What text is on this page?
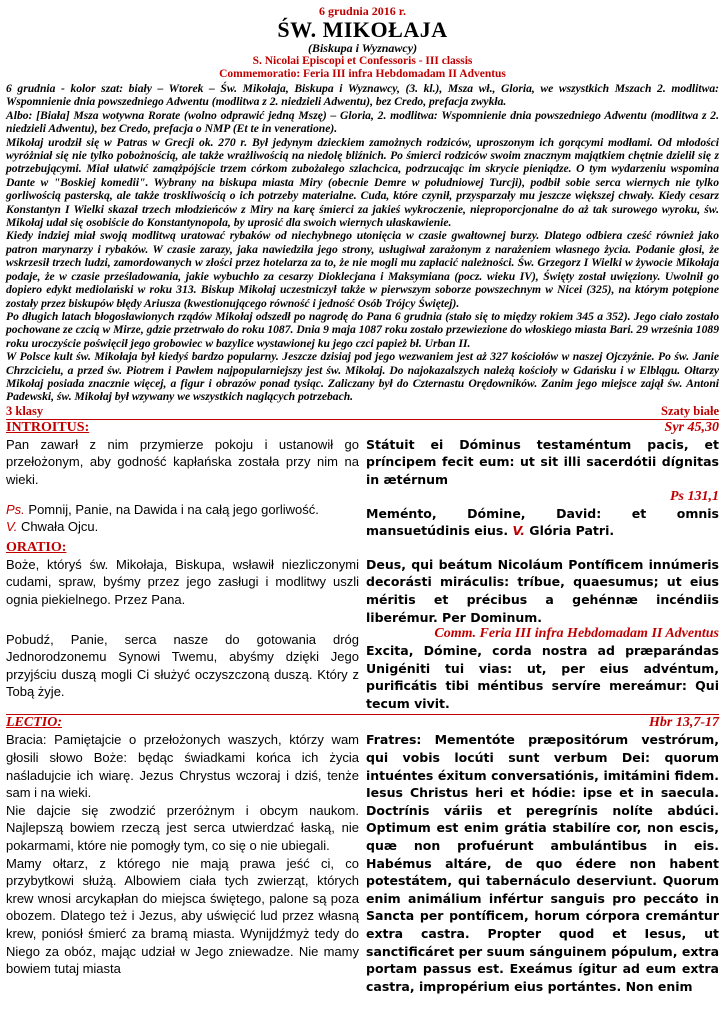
6 grudnia 2016 r.
ŚW. MIKOŁAJA
(Biskupa i Wyznawcy)
S. Nicolai Episcopi et Confessoris - III classis
Commemoratio: Feria III infra Hebdomadam II Adventus

6 grudnia - kolor szat: biały – Wtorek – Św. Mikołaja, Biskupa i Wyznawcy, (3. kl.), Msza wł., Gloria, we wszystkich Mszach 2. modlitwa: Wspomnienie dnia powszedniego Adwentu (modlitwa z 2. niedzieli Adwentu), bez Credo, prefacja zwykła.

Albo: [Biała] Msza wotywna Rorate (wolno odprawić jedną Mszę) – Gloria, 2. modlitwa: Wspomnienie dnia powszedniego Adwentu (modlitwa z 2. niedzieli Adwentu), bez Credo, prefacja o NMP (Et te in veneratione).

Mikołaj urodził się w Patras w Grecji ok. 270 r. Był jedynym dzieckiem zamożnych rodziców, uproszonym ich gorącymi modłami. Od młodości wyróżniał się nie tylko pobożnością, ale także wrażliwością na niedolę bliźnich. Po śmierci rodziców swoim znacznym majątkiem chętnie dzielił się z potrzebującymi. Miał ułatwić zamążpójście trzem córkom zubożałego szlachcica, podrzucając im skrycie pieniądze. O tym wydarzeniu wspomina Dante w "Boskiej komedii". Wybrany na biskupa miasta Miry (obecnie Demre w południowej Turcji), podbił sobie serca wiernych nie tylko gorliwością pasterską, ale także troskliwością o ich potrzeby materialne. Cuda, które czynił, przysparzały mu jeszcze większej chwały. Kiedy cesarz Konstantyn I Wielki skazał trzech młodzieńców z Miry na karę śmierci za jakieś wykroczenie, nieproporcjonalne do aż tak surowego wyroku, św. Mikołaj udał się osobiście do Konstantynopola, by uprosić dla swoich wiernych ułaskawienie.

Kiedy indziej miał swoją modlitwą uratować rybaków od niechybnego utonięcia w czasie gwałtownej burzy. Dlatego odbiera cześć również jako patron marynarzy i rybaków. W czasie zarazy, jaka nawiedziła jego strony, usługiwał zarażonym z narażeniem własnego życia. Podanie głosi, że wskrzesił trzech ludzi, zamordowanych w złości przez hotelarza za to, że nie mogli mu zapłacić należności. Św. Grzegorz I Wielki w żywocie Mikołaja podaje, że w czasie prześladowania, jakie wybuchło za cesarzy Dioklecjana i Maksymiana (pocz. wieku IV), Święty został uwięziony. Uwolnił go dopiero edykt mediolański w roku 313. Biskup Mikołaj uczestniczył także w pierwszym soborze powszechnym w Nicei (325), na którym potępione zostały przez biskupów błędy Ariusza (kwestionującego równość i jedność Osób Trójcy Świętej).

Po długich latach błogosławionych rządów Mikołaj odszedł po nagrodę do Pana 6 grudnia (stało się to między rokiem 345 a 352). Jego ciało zostało pochowane ze czcią w Mirze, gdzie przetrwało do roku 1087. Dnia 9 maja 1087 roku zostało przewiezione do włoskiego miasta Bari. 29 września 1089 roku uroczyście poświęcił jego grobowiec w bazylice wystawionej ku jego czci papież bł. Urban II.

W Polsce kult św. Mikołaja był kiedyś bardzo popularny. Jeszcze dzisiaj pod jego wezwaniem jest aż 327 kościołów w naszej Ojczyźnie. Po św. Janie Chrzcicielu, a przed św. Piotrem i Pawłem najpopularniejszy jest św. Mikołaj. Do najokazalszych należą kościoły w Gdańsku i w Elblągu. Ołtarzy Mikołaj posiada znacznie więcej, a figur i obrazów ponad tysiąc. Zaliczany był do Czternastu Orędowników. Zanim jego miejsce zajął św. Antoni Padewski, św. Mikołaj był wzywany we wszystkich naglących potrzebach.

3 klasy	Szaty białe
INTROITUS:

Pan zawarł z nim przymierze pokoju i ustanowił go przełożonym, aby godność kapłańska została przy nim na wieki.

Ps. Pomnij, Panie, na Dawida i na całą jego gorliwość.

V. Chwała Ojcu.

Syr 45,30

Státuit ei Dóminus testaméntum pacis, et príncipem fecit eum: ut sit illi sacerdótii dígnitas in ætérnum

Ps 131,1

Meménto, Dómine, David: et omnis mansuetúdinis eius. V. Glória Patri.

ORATIO:

Boże, któryś św. Mikołaja, Biskupa, wsławił niezliczonymi cudami, spraw, byśmy przez jego zasługi i modlitwy uszli ognia piekielnego. Przez Pana.

Pobudź, Panie, serca nasze do gotowania dróg Jednorodzonemu Synowi Twemu, abyśmy dzięki Jego przyjściu duszą mogli Ci służyć oczyszczoną duszą. Który z Tobą żyje.

Deus, qui beátum Nicoláum Pontíficem innúmeris decorásti miráculis: tríbue, quaesumus; ut eius méritis et précibus a gehénnæ incéndiis liberémur. Per Dominum.

Comm. Feria III infra Hebdomadam II Adventus

Excita, Dómine, corda nostra ad præparándas Unigéniti tui vias: ut, per eius advéntum, purificátis tibi méntibus servíre mereámur: Qui tecum vivit.

LECTIO:	Hbr 13,7-17

Bracia: Pamiętajcie o przełożonych waszych, którzy wam głosili słowo Boże: będąc świadkami końca ich życia naśladujcie ich wiarę. Jezus Chrystus wczoraj i dziś, tenże sam i na wieki.

Nie dajcie się zwodzić przeróżnym i obcym naukom. Najlepszą bowiem rzeczą jest serca utwierdzać łaską, nie pokarmami, które nie pomogły tym, co się o nie ubiegali.

Mamy ołtarz, z którego nie mają prawa jeść ci, co przybytkowi służą. Albowiem ciała tych zwierząt, których krew wnosi arcykapłan do miejsca świętego, palone są poza obozem. Dlatego też i Jezus, aby uświęcić lud przez własną krew, poniósł śmierć za bramą miasta. Wynijdźmyż tedy do Niego za obóz, mając udział w Jego zniewadze. Nie mamy bowiem tutaj miasta

Fratres: Mementóte præpositórum vestrórum, qui vobis locúti sunt verbum Dei: quorum intuéntes éxitum conversatiónis, imitámini fidem. Iesus Christus heri et hódie: ipse et in saecula. Doctrínis váriis et peregrínis nolíte abdúci. Optimum est enim grátia stabilíre cor, non escis, quæ non profuérunt ambulántibus in eis. Habémus altáre, de quo édere non habent potestátem, qui tabernáculo deserviunt. Quorum enim animálium infértur sanguis pro peccáto in Sancta per pontíficem, horum córpora cremántur extra castra. Propter quod et Iesus, ut sanctificáret per suum sánguinem pópulum, extra portam passus est. Exeámus ígitur ad eum extra castra, impropérium eius portántes. Non enim
